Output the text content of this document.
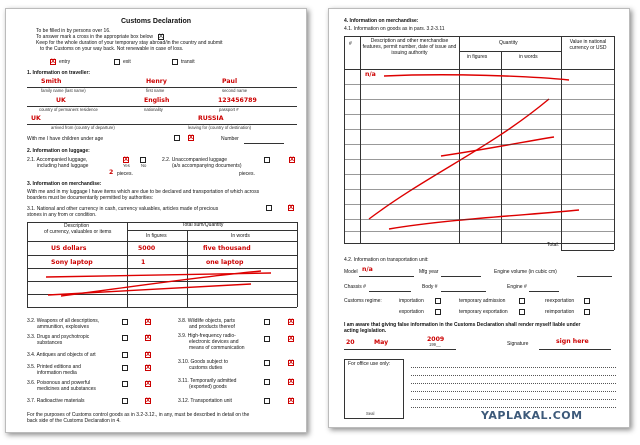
Customs Declaration
To be filled in by persons over 16.
To answer mark a cross in the appropriate box below X
Keep for the whole duration of your temporary stay abroad/in the country and submit
to the Customs on your way back. Not renewable in case of loss.
X entry	exit	transit
1. Information on traveller:
Smith	Henry	Paul
family name (last name)	first name	second name
UK	English	123456789
country of permanent residence	nationality	passport #
UK	RUSSIA
arrived from (country of departure)	leaving for (country of destination)
With me I have children under age	X	Number
2. Information on luggage:
2.1. Accompanied luggage,
including hand luggage
X
Yes	No
2 pieces.
2.2. Unaccompanied luggage
(a/s accompanying documents)
X
pieces.
3. Information on merchandise:
With me and in my luggage I have items which are due to be declared and transportation of which across
boarders must be documentarily permitted by authorities:
3.1. National and other currency in cash, currency valuables, articles made of precious
stones in any from or condition.
X
Description
of currency, valuables or items
Total sum/Quantity
In figures	In words
US dollars	5000	five thousand
Sony laptop	1	one laptop
3.2. Weapons of all descriptions,
ammunition, explosives
X
3.3. Drugs and psychotropic
substances
X
3.4. Antiques and objects of art	X
3.5. Printed editions and
information media
X
3.6. Poisonous and powerful
medicines and substances
X
3.7. Radioactive materials	X
3.8. Wildlife objects, parts
and products thereof
X
3.9. High-frequency radio-
electronic devices and
means of communication
X
3.10. Goods subject to
customs duties
X
3.11. Temporarily admitted
(exported) goods
X
3.12. Transportation unit	X
For the purposes of Customs control goods as in 3.2-3.12., in any, must be described in detail on the
back side of the Customs Declaration in 4.
4. Information on merchandise:
4.1. Information on goods as in pars. 3.2-3.11
#	Description and other merchandise features, permit number, date of issue and issuing authority
Quantity
in figures	in words
Value in national currency or USD
n/a
Total:
4.2. Information on transportation unit:
Model n/a	Mfg year	Engine volume (in cubic cm)
Chassis #	Body #	Engine #
Customs regime:	importation	temporary admission	reexportation
exportation	temporary exportation	reimportation
I am aware that giving false information in the Customs Declaration shall render myself liable under
acting legislation.
20	May	2009
199__	Signature	sign here
For office use only:
Seal	YAPLAKAL.COM
